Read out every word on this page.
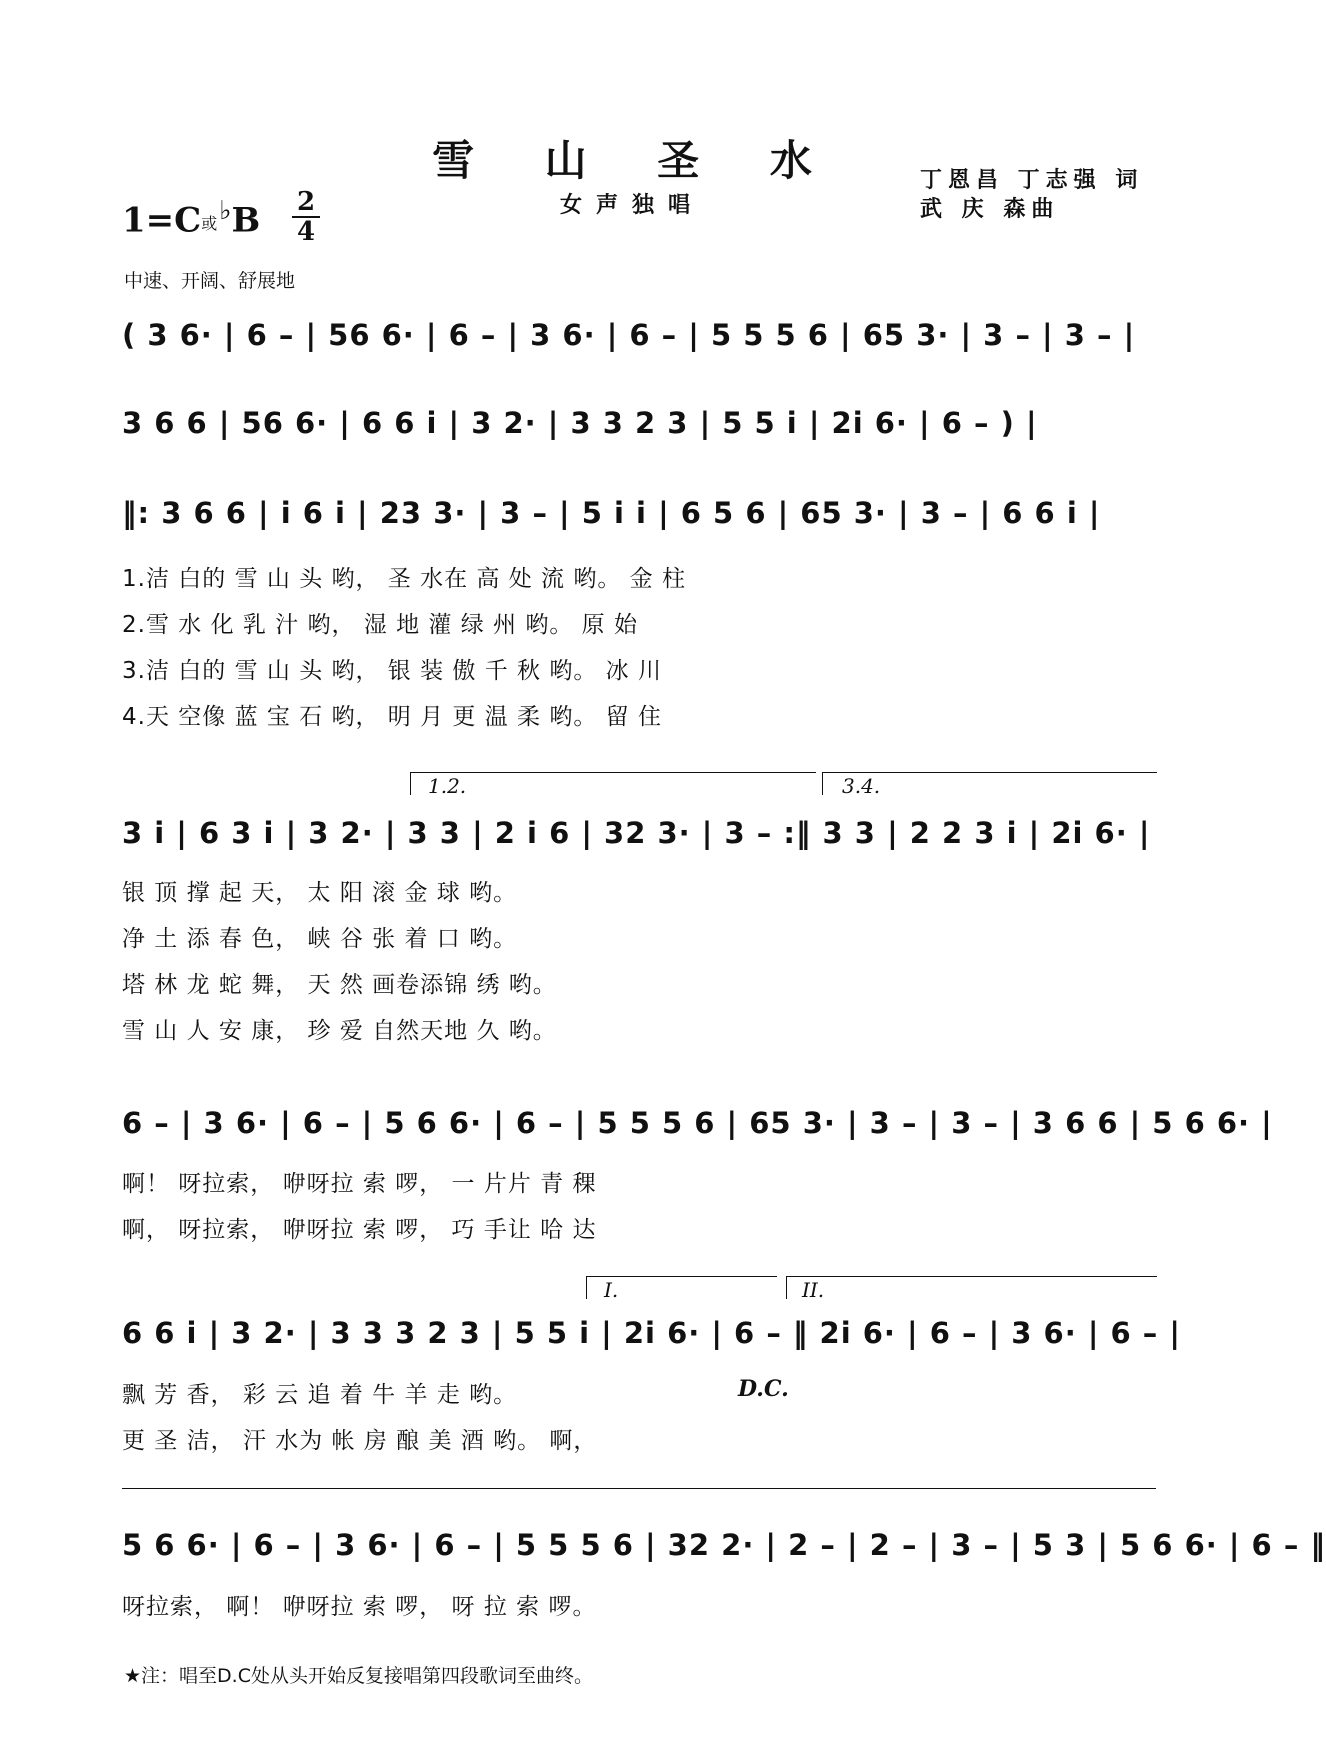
雪 山 圣 水
女声独唱
丁恩昌 丁志强 词
武 庆 森曲
1=C或♭B 2
4
中速、开阔、舒展地
( 3 6· | 6 – | 56 6· | 6 – | 3 6· | 6 – | 5 5 5 6 | 65 3· | 3 – | 3 – |
3 6 6 | 56 6· | 6 6 i | 3 2· | 3 3 2 3 | 5 5 i | 2i 6· | 6 – ) |
‖: 3 6 6 | i 6 i | 23 3· | 3 – | 5 i i | 6 5 6 | 65 3· | 3 – | 6 6 i |
1.洁 白的 雪 山 头 哟， 圣 水在 高 处 流 哟。 金 柱
2.雪 水 化 乳 汁 哟， 湿 地 灌 绿 州 哟。 原 始
3.洁 白的 雪 山 头 哟， 银 装 傲 千 秋 哟。 冰 川
4.天 空像 蓝 宝 石 哟， 明 月 更 温 柔 哟。 留 住
1.2.	3.4.
3 i | 6 3 i | 3 2· | 3 3 | 2 i 6 | 32 3· | 3 – :‖ 3 3 | 2 2 3 i | 2i 6· |
银 顶 撑 起 天， 太 阳 滚 金 球 哟。
净 土 添 春 色， 峡 谷 张 着 口 哟。
塔 林 龙 蛇 舞， 天 然 画卷添锦 绣 哟。
雪 山 人 安 康， 珍 爱 自然天地 久 哟。
6 – | 3 6· | 6 – | 5 6 6· | 6 – | 5 5 5 6 | 65 3· | 3 – | 3 – | 3 6 6 | 5 6 6· |
啊！ 呀拉索， 咿呀拉 索 啰， 一 片片 青 稞
啊， 呀拉索， 咿呀拉 索 啰， 巧 手让 哈 达
I.	II.
6 6 i | 3 2· | 3 3 3 2 3 | 5 5 i | 2i 6· | 6 – ‖ 2i 6· | 6 – | 3 6· | 6 – |
飘 芳 香， 彩 云 追 着 牛 羊 走 哟。	D.C.
更 圣 洁， 汗 水为 帐 房 酿 美 酒 哟。 啊，
5 6 6· | 6 – | 3 6· | 6 – | 5 5 5 6 | 32 2· | 2 – | 2 – | 3 – | 5 3 | 5 6 6· | 6 – ‖
呀拉索， 啊！ 咿呀拉 索 啰， 呀 拉 索 啰。
★注：唱至D.C处从头开始反复接唱第四段歌词至曲终。
